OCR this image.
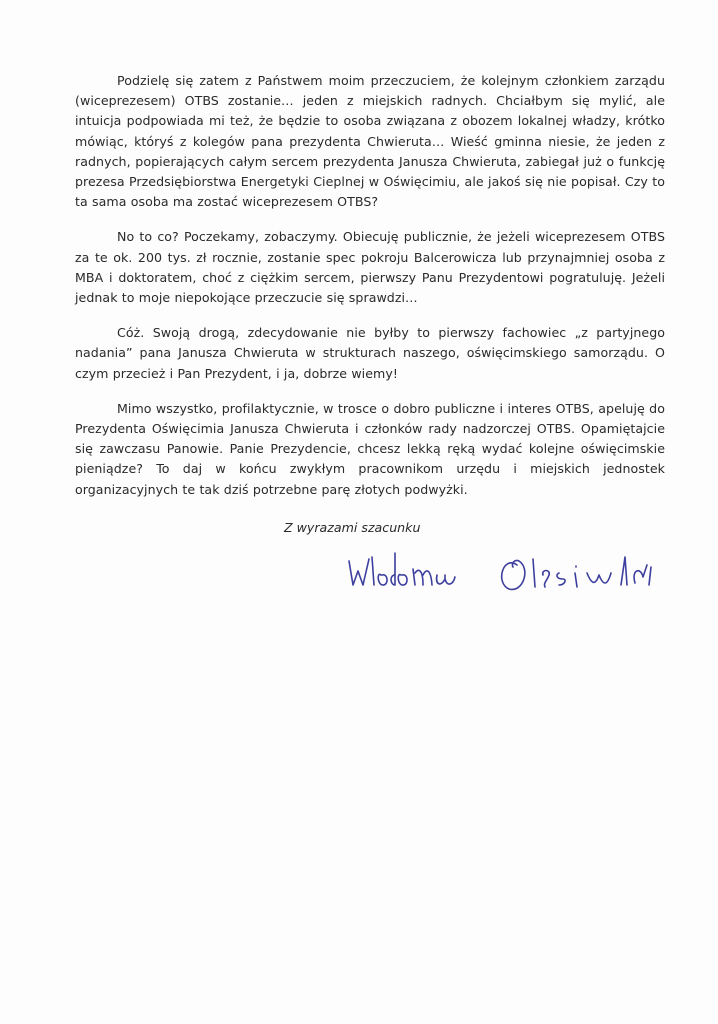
Podzielę się zatem z Państwem moim przeczuciem, że kolejnym członkiem zarządu (wiceprezesem) OTBS zostanie… jeden z miejskich radnych. Chciałbym się mylić, ale intuicja podpowiada mi też, że będzie to osoba związana z obozem lokalnej władzy, krótko mówiąc, któryś z kolegów pana prezydenta Chwieruta… Wieść gminna niesie, że jeden z radnych, popierających całym sercem prezydenta Janusza Chwieruta, zabiegał już o funkcję prezesa Przedsiębiorstwa Energetyki Cieplnej w Oświęcimiu, ale jakoś się nie popisał. Czy to ta sama osoba ma zostać wiceprezesem OTBS?

No to co? Poczekamy, zobaczymy. Obiecuję publicznie, że jeżeli wiceprezesem OTBS za te ok. 200 tys. zł rocznie, zostanie spec pokroju Balcerowicza lub przynajmniej osoba z MBA i doktoratem, choć z ciężkim sercem, pierwszy Panu Prezydentowi pogratuluję. Jeżeli jednak to moje niepokojące przeczucie się sprawdzi…

Cóż. Swoją drogą, zdecydowanie nie byłby to pierwszy fachowiec „z partyjnego nadania” pana Janusza Chwieruta w strukturach naszego, oświęcimskiego samorządu. O czym przecież i Pan Prezydent, i ja, dobrze wiemy!

Mimo wszystko, profilaktycznie, w trosce o dobro publiczne i interes OTBS, apeluję do Prezydenta Oświęcimia Janusza Chwieruta i członków rady nadzorczej OTBS. Opamiętajcie się zawczasu Panowie. Panie Prezydencie, chcesz lekką ręką wydać kolejne oświęcimskie pieniądze? To daj w końcu zwykłym pracownikom urzędu i miejskich jednostek organizacyjnych te tak dziś potrzebne parę złotych podwyżki.

Z wyrazami szacunku
